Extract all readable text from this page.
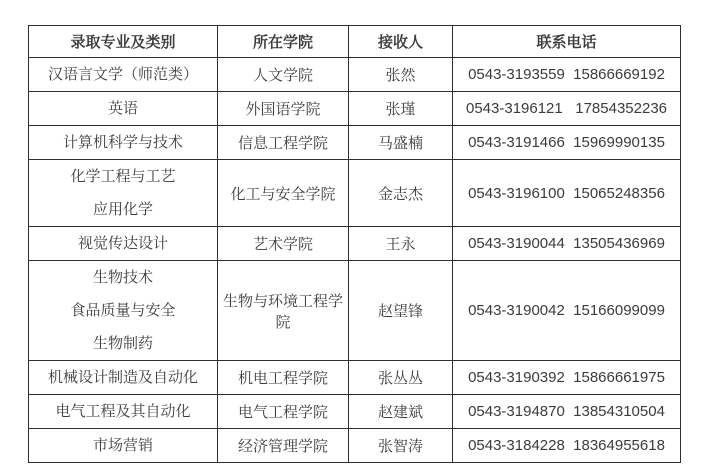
录取专业及类别	所在学院	接收人	联系电话

汉语言文学（师范类）	人文学院	张然	0543-3193559  15866669192

英语	外国语学院	张瑾	0543-3196121   17854352236

计算机科学与技术	信息工程学院	马盛楠	0543-3191466  15969990135

化学工程与工艺
应用化学	化工与安全学院	金志杰	0543-3196100  15065248356

视觉传达设计	艺术学院	王永	0543-3190044  13505436969

生物技术
食品质量与安全
生物制药	生物与环境工程学院	赵望锋	0543-3190042  15166099099

机械设计制造及自动化	机电工程学院	张丛丛	0543-3190392  15866661975

电气工程及其自动化	电气工程学院	赵建斌	0543-3194870  13854310504

市场营销	经济管理学院	张智涛	0543-3184228  18364955618
